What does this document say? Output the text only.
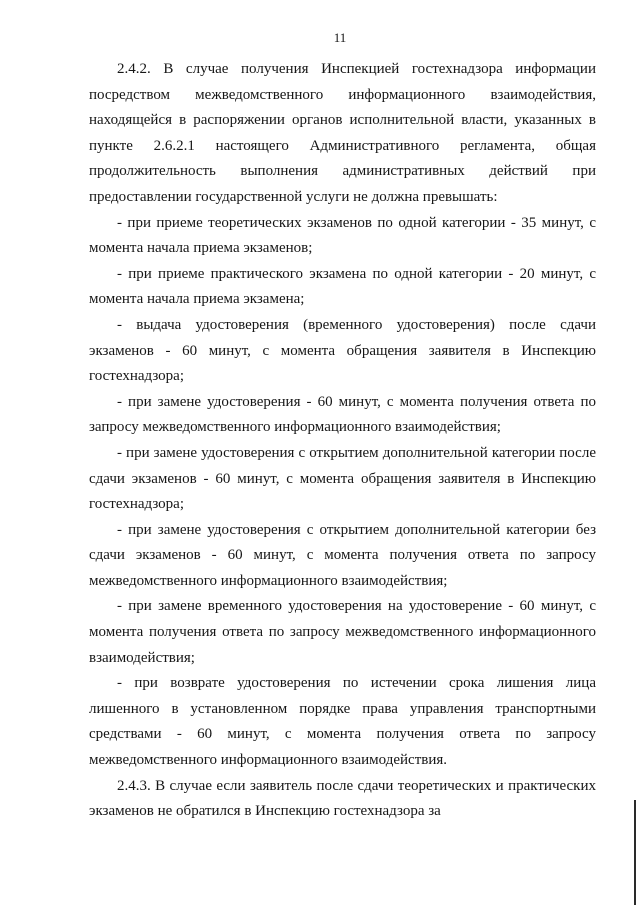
11

2.4.2. В случае получения Инспекцией гостехнадзора информации посредством межведомственного информационного взаимодействия, находящейся в распоряжении органов исполнительной власти, указанных в пункте 2.6.2.1 настоящего Административного регламента, общая продолжительность выполнения административных действий при предоставлении государственной услуги не должна превышать:

- при приеме теоретических экзаменов по одной категории - 35 минут, с момента начала приема экзаменов;

- при приеме практического экзамена по одной категории - 20 минут, с момента начала приема экзамена;

- выдача удостоверения (временного удостоверения) после сдачи экзаменов - 60 минут, с момента обращения заявителя в Инспекцию гостехнадзора;

- при замене удостоверения - 60 минут, с момента получения ответа по запросу межведомственного информационного взаимодействия;

- при замене удостоверения с открытием дополнительной категории после сдачи экзаменов - 60 минут, с момента обращения заявителя в Инспекцию гостехнадзора;

- при замене удостоверения с открытием дополнительной категории без сдачи экзаменов - 60 минут, с момента получения ответа по запросу межведомственного информационного взаимодействия;

- при замене временного удостоверения на удостоверение - 60 минут, с момента получения ответа по запросу межведомственного информационного взаимодействия;

- при возврате удостоверения по истечении срока лишения лица лишенного в установленном порядке права управления транспортными средствами - 60 минут, с момента получения ответа по запросу межведомственного информационного взаимодействия.

2.4.3. В случае если заявитель после сдачи теоретических и практических экзаменов не обратился в Инспекцию гостехнадзора за
